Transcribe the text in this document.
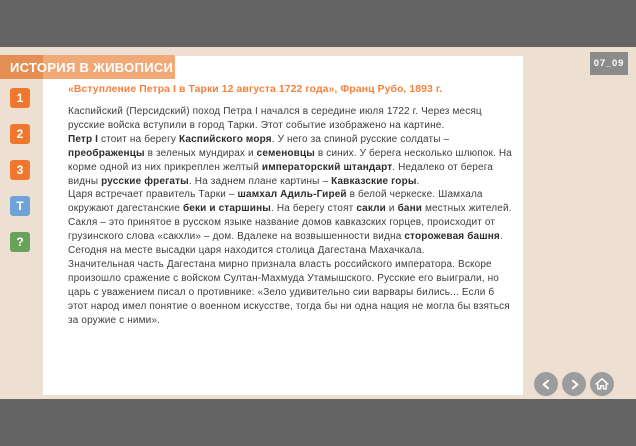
ИСТОРИЯ В ЖИВОПИСИ	07_09
1
2
3
T
?
«Вступление Петра I в Тарки 12 августа 1722 года», Франц Рубо, 1893 г.

Каспийский (Персидский) поход Петра I начался в середине июля 1722 г. Через месяц русские войска вступили в город Тарки. Этот событие изображено на картине.

Петр I стоит на берегу Каспийского моря. У него за спиной русские солдаты – преображенцы в зеленых мундирах и семеновцы в синих. У берега несколько шлюпок. На корме одной из них прикреплен желтый императорский штандарт. Недалеко от берега видны русские фрегаты. На заднем плане картины – Кавказские горы.

Царя встречает правитель Тарки – шамхал Адиль-Гирей в белой черкеске. Шамхала окружают дагестанские беки и старшины. На берегу стоят сакли и бани местных жителей. Сакля – это принятое в русском языке название домов кавказских горцев, происходит от грузинского слова «сакхли» – дом. Вдалеке на возвышенности видна сторожевая башня. Сегодня на месте высадки царя находится столица Дагестана Махачкала.

Значительная часть Дагестана мирно признала власть российского императора. Вскоре произошло сражение с войском Султан-Махмуда Утамышского. Русские его выиграли, но царь с уважением писал о противнике: «Зело удивительно сии варвары бились... Если б этот народ имел понятие о военном искусстве, тогда бы ни одна нация не могла бы взяться за оружие с ними».
